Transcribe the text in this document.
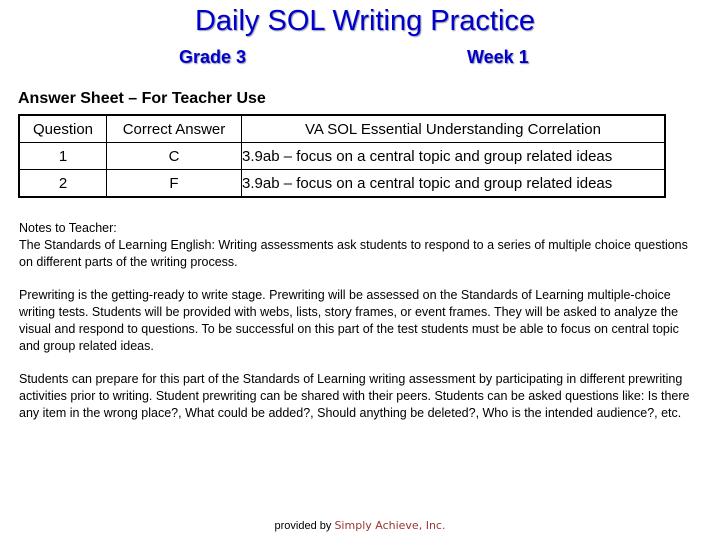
Daily SOL Writing Practice
Grade 3	Week 1
Answer Sheet – For Teacher Use
Question	Correct Answer	VA SOL Essential Understanding Correlation
1	C	3.9ab – focus on a central topic and group related ideas
2	F	3.9ab – focus on a central topic and group related ideas
Notes to Teacher:
The Standards of Learning English: Writing assessments ask students to respond to a series of multiple choice questions on different parts of the writing process.
Prewriting is the getting-ready to write stage. Prewriting will be assessed on the Standards of Learning multiple-choice writing tests. Students will be provided with webs, lists, story frames, or event frames. They will be asked to analyze the visual and respond to questions. To be successful on this part of the test students must be able to focus on central topic and group related ideas.
Students can prepare for this part of the Standards of Learning writing assessment by participating in different prewriting activities prior to writing. Student prewriting can be shared with their peers. Students can be asked questions like: Is there any item in the wrong place?, What could be added?, Should anything be deleted?, Who is the intended audience?, etc.
provided by Simply Achieve, Inc.
